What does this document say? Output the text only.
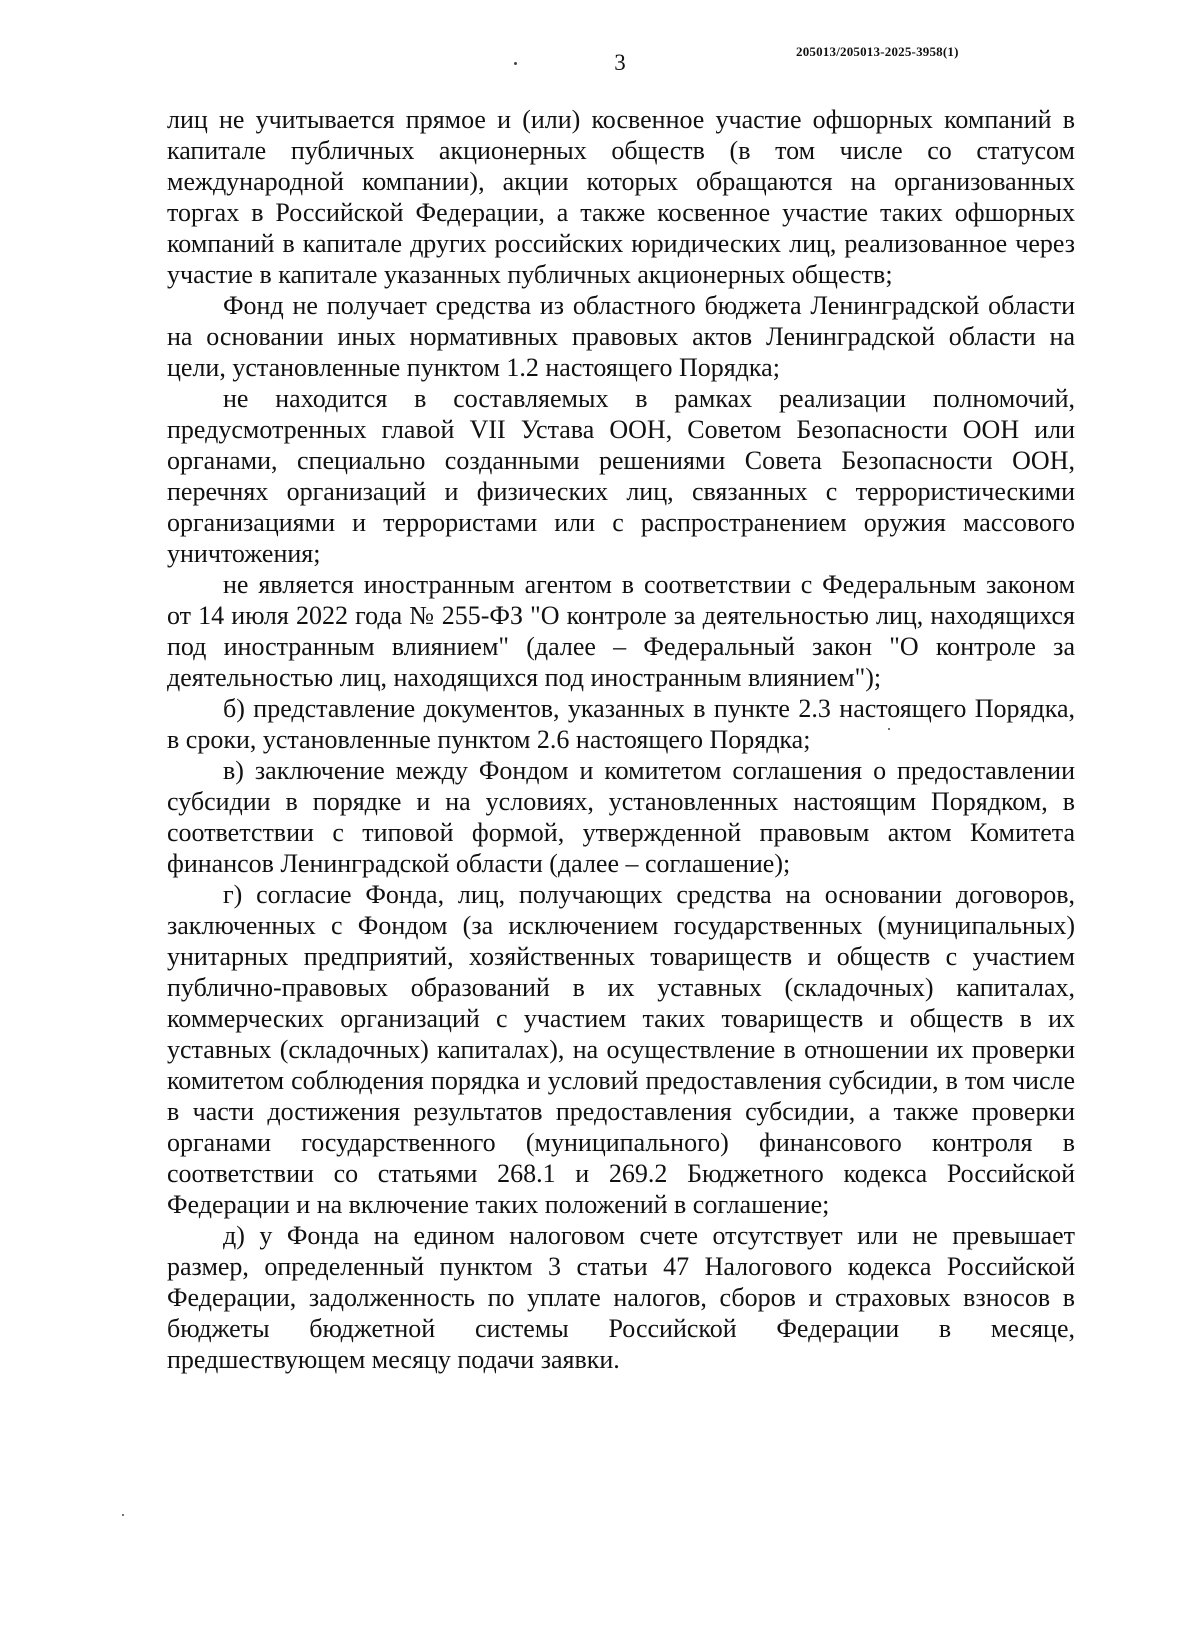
3	205013/205013-2025-3958(1)

лиц не учитывается прямое и (или) косвенное участие офшорных компаний в капитале публичных акционерных обществ (в том числе со статусом международной компании), акции которых обращаются на организованных торгах в Российской Федерации, а также косвенное участие таких офшорных компаний в капитале других российских юридических лиц, реализованное через участие в капитале указанных публичных акционерных обществ;

Фонд не получает средства из областного бюджета Ленинградской области на основании иных нормативных правовых актов Ленинградской области на цели, установленные пунктом 1.2 настоящего Порядка;

не находится в составляемых в рамках реализации полномочий, предусмотренных главой VII Устава ООН, Советом Безопасности ООН или органами, специально созданными решениями Совета Безопасности ООН, перечнях организаций и физических лиц, связанных с террористическими организациями и террористами или с распространением оружия массового уничтожения;

не является иностранным агентом в соответствии с Федеральным законом от 14 июля 2022 года № 255-ФЗ "О контроле за деятельностью лиц, находящихся под иностранным влиянием" (далее – Федеральный закон "О контроле за деятельностью лиц, находящихся под иностранным влиянием");

б) представление документов, указанных в пункте 2.3 настоящего Порядка, в сроки, установленные пунктом 2.6 настоящего Порядка;

в) заключение между Фондом и комитетом соглашения о предоставлении субсидии в порядке и на условиях, установленных настоящим Порядком, в соответствии с типовой формой, утвержденной правовым актом Комитета финансов Ленинградской области (далее – соглашение);

г) согласие Фонда, лиц, получающих средства на основании договоров, заключенных с Фондом (за исключением государственных (муниципальных) унитарных предприятий, хозяйственных товариществ и обществ с участием публично-правовых образований в их уставных (складочных) капиталах, коммерческих организаций с участием таких товариществ и обществ в их уставных (складочных) капиталах), на осуществление в отношении их проверки комитетом соблюдения порядка и условий предоставления субсидии, в том числе в части достижения результатов предоставления субсидии, а также проверки органами государственного (муниципального) финансового контроля в соответствии со статьями 268.1 и 269.2 Бюджетного кодекса Российской Федерации и на включение таких положений в соглашение;

д) у Фонда на едином налоговом счете отсутствует или не превышает размер, определенный пунктом 3 статьи 47 Налогового кодекса Российской Федерации, задолженность по уплате налогов, сборов и страховых взносов в бюджеты бюджетной системы Российской Федерации в месяце, предшествующем месяцу подачи заявки.
